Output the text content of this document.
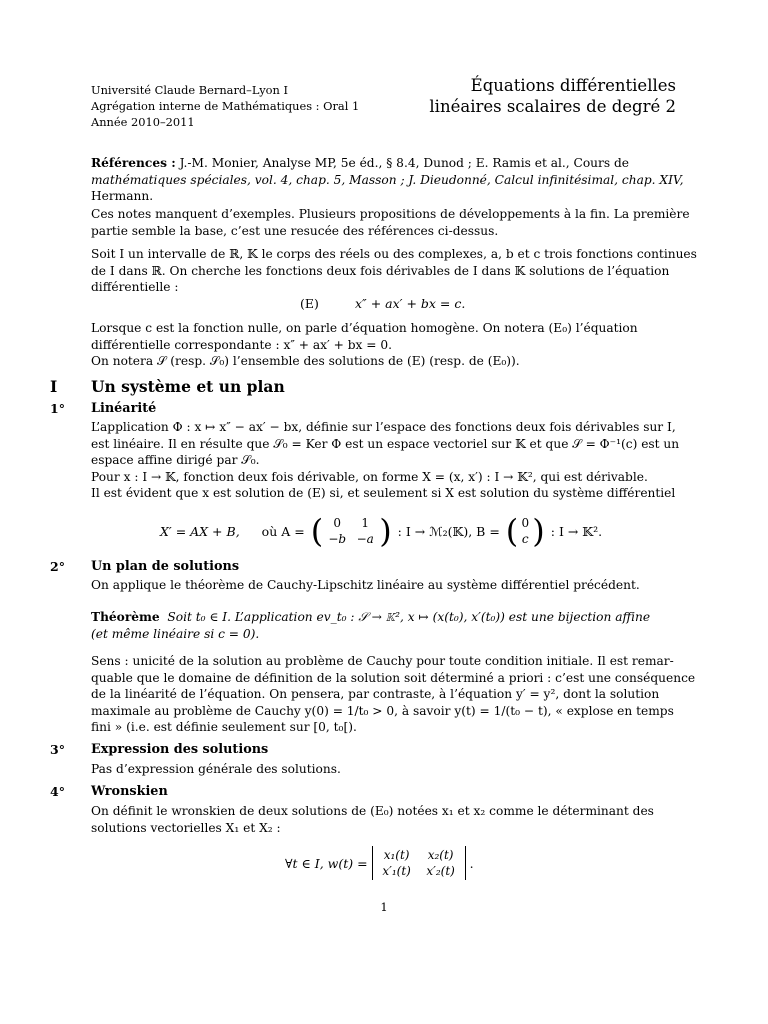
Université Claude Bernard–Lyon I
Agrégation interne de Mathématiques : Oral 1
Année 2010–2011
Équations différentielles
linéaires scalaires de degré 2
Références : J.-M. Monier, Analyse MP, 5e éd., § 8.4, Dunod ; E. Ramis et al., Cours de
mathématiques spéciales, vol. 4, chap. 5, Masson ; J. Dieudonné, Calcul infinitésimal, chap. XIV,
Hermann.
Ces notes manquent d’exemples. Plusieurs propositions de développements à la fin. La première
partie semble la base, c’est une resucée des références ci-dessus.
Soit I un intervalle de ℝ, 𝕂 le corps des réels ou des complexes, a, b et c trois fonctions continues
de I dans ℝ. On cherche les fonctions deux fois dérivables de I dans 𝕂 solutions de l’équation
différentielle :
(E)	x″ + ax′ + bx = c.
Lorsque c est la fonction nulle, on parle d’équation homogène. On notera (E₀) l’équation
différentielle correspondante : x″ + ax′ + bx = 0.
On notera 𝒮 (resp. 𝒮₀) l’ensemble des solutions de (E) (resp. de (E₀)).
I Un système et un plan
1° Linéarité
L’application Φ : x ↦ x″ − ax′ − bx, définie sur l’espace des fonctions deux fois dérivables sur I,
est linéaire. Il en résulte que 𝒮₀ = Ker Φ est un espace vectoriel sur 𝕂 et que 𝒮 = Φ⁻¹(c) est un
espace affine dirigé par 𝒮₀.
Pour x : I → 𝕂, fonction deux fois dérivable, on forme X = (x, x′) : I → 𝕂², qui est dérivable.
Il est évident que x est solution de (E) si, et seulement si X est solution du système différentiel
X′ = AX + B, où A = ( 0	1
−b −a ) : I → ℳ₂(𝕂), B = ( 0
c ) : I → 𝕂².
2° Un plan de solutions
On applique le théorème de Cauchy-Lipschitz linéaire au système différentiel précédent.
Théorème Soit t₀ ∈ I. L’application ev_t₀ : 𝒮 → 𝕂², x ↦ (x(t₀), x′(t₀)) est une bijection affine
(et même linéaire si c = 0).
Sens : unicité de la solution au problème de Cauchy pour toute condition initiale. Il est remar-
quable que le domaine de définition de la solution soit déterminé a priori : c’est une conséquence
de la linéarité de l’équation. On pensera, par contraste, à l’équation y′ = y², dont la solution
maximale au problème de Cauchy y(0) = 1/t₀ > 0, à savoir y(t) = 1/(t₀ − t), « explose en temps
fini » (i.e. est définie seulement sur [0, t₀[).
3° Expression des solutions
Pas d’expression générale des solutions.
4° Wronskien
On définit le wronskien de deux solutions de (E₀) notées x₁ et x₂ comme le déterminant des
solutions vectorielles X₁ et X₂ :
∀t ∈ I, w(t) =
x₁(t)	x₂(t)
x′₁(t)	x′₂(t)
.
1
